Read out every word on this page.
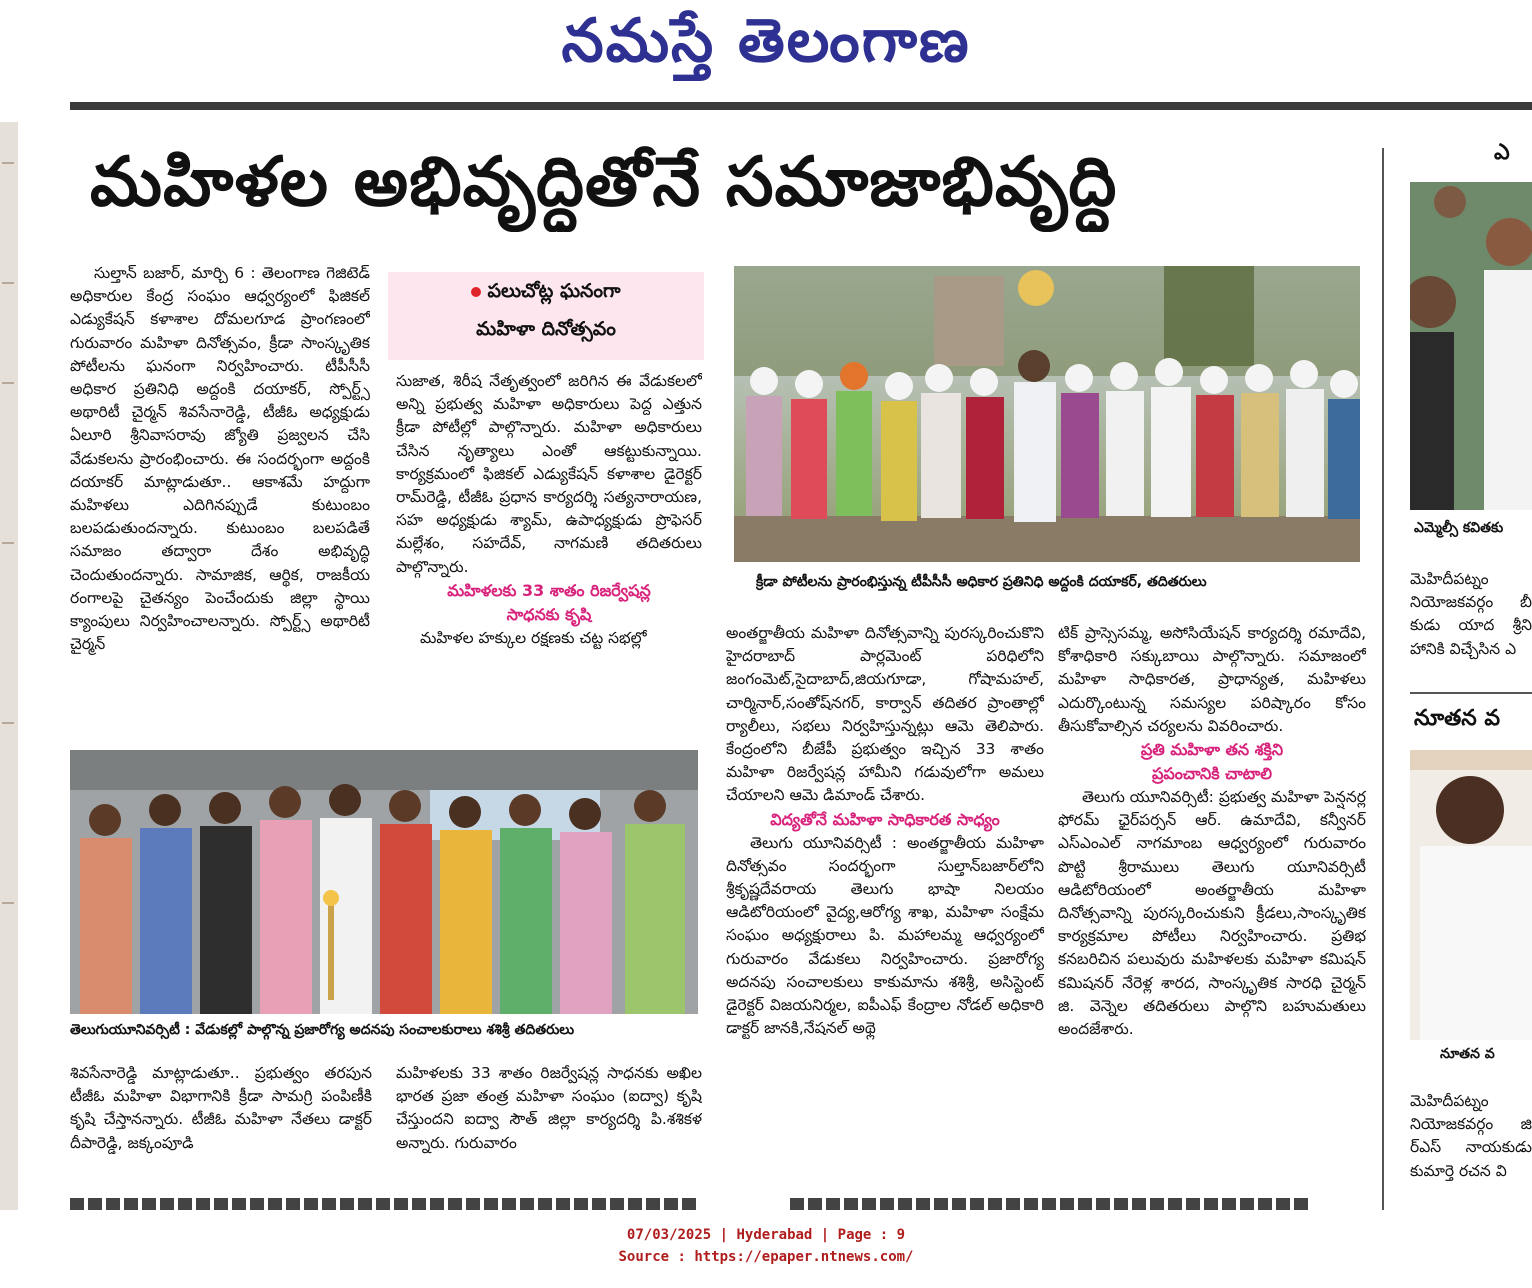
నమస్తే తెలంగాణ
మహిళల అభివృద్ధితోనే సమాజాభివృద్ధి

సుల్తాన్ బజార్, మార్చి 6 : తెలంగాణ గెజిటెడ్ అధికారుల కేంద్ర సంఘం ఆధ్వర్యంలో ఫిజికల్ ఎడ్యుకేషన్ కళాశాల దోమలగూడ ప్రాంగణంలో గురువారం మహిళా దినోత్సవం, క్రీడా సాంస్కృతిక పోటీలను ఘనంగా నిర్వహించారు. టీపీసీసీ అధికార ప్రతినిధి అద్దంకి దయాకర్, స్పోర్ట్స్ అథారిటీ చైర్మన్ శివసేనారెడ్డి, టీజీఓ అధ్యక్షుడు ఏలూరి శ్రీనివాసరావు జ్యోతి ప్రజ్వలన చేసి వేడుకలను ప్రారంభించారు. ఈ సందర్భంగా అద్దంకి దయాకర్ మాట్లాడుతూ.. ఆకాశమే హద్దుగా మహిళలు ఎదిగినప్పుడే కుటుంబం బలపడుతుందన్నారు. కుటుంబం బలపడితే సమాజం తద్వారా దేశం అభివృద్ధి చెందుతుందన్నారు. సామాజిక, ఆర్థిక, రాజకీయ రంగాలపై చైతన్యం పెంచేందుకు జిల్లా స్థాయి క్యాంపులు నిర్వహించాలన్నారు. స్పోర్ట్స్ అథారిటీ చైర్మన్

పలుచోట్ల ఘనంగా
మహిళా దినోత్సవం

సుజాత, శిరీష నేతృత్వంలో జరిగిన ఈ వేడుకలలో అన్ని ప్రభుత్వ మహిళా అధికారులు పెద్ద ఎత్తున క్రీడా పోటీల్లో పాల్గొన్నారు. మహిళా అధికారులు చేసిన నృత్యాలు ఎంతో ఆకట్టుకున్నాయి. కార్యక్రమంలో ఫిజికల్ ఎడ్యుకేషన్ కళాశాల డైరెక్టర్ రామ్‌రెడ్డి, టీజీఓ ప్రధాన కార్యదర్శి సత్యనారాయణ, సహ అధ్యక్షుడు శ్యామ్, ఉపాధ్యక్షుడు ప్రొఫెసర్ మల్లేశం, సహదేవ్, నాగమణి తదితరులు పాల్గొన్నారు.

మహిళలకు 33 శాతం రిజర్వేషన్ల
సాధనకు కృషి

మహిళల హక్కుల రక్షణకు చట్ట సభల్లో

క్రీడా పోటీలను ప్రారంభిస్తున్న టీపీసీసీ అధికార ప్రతినిధి అద్దంకి దయాకర్, తదితరులు

అంతర్జాతీయ మహిళా దినోత్సవాన్ని పురస్కరించుకొని హైదరాబాద్ పార్లమెంట్ పరిధిలోని జంగంమెట్,సైదాబాద్,జియగూడా, గోషామహల్, చార్మినార్,సంతోష్‌నగర్, కార్వాన్ తదితర ప్రాంతాల్లో ర్యాలీలు, సభలు నిర్వహిస్తున్నట్లు ఆమె తెలిపారు. కేంద్రంలోని బీజేపీ ప్రభుత్వం ఇచ్చిన 33 శాతం మహిళా రిజర్వేషన్ల హామీని గడువులోగా అమలు చేయాలని ఆమె డిమాండ్ చేశారు.

విద్యతోనే మహిళా సాధికారత సాధ్యం

తెలుగు యూనివర్సిటీ : అంతర్జాతీయ మహిళా దినోత్సవం సందర్భంగా సుల్తాన్‌బజార్‌లోని శ్రీకృష్ణదేవరాయ తెలుగు భాషా నిలయం ఆడిటోరియంలో వైద్య,ఆరోగ్య శాఖ, మహిళా సంక్షేమ సంఘం అధ్యక్షురాలు పి. మహాలమ్మ ఆధ్వర్యంలో గురువారం వేడుకలు నిర్వహించారు. ప్రజారోగ్య అదనపు సంచాలకులు కాకుమాను శశిశ్రీ, అసిస్టెంట్ డైరెక్టర్ విజయనిర్మల, ఐపీఎఫ్ కేంద్రాల నోడల్ అధికారి డాక్టర్ జానకి,నేషనల్ అథ్లె

టిక్ ప్రాస్సెసమ్మ, అసోసియేషన్ కార్యదర్శి రమాదేవి, కోశాధికారి సక్కుబాయి పాల్గొన్నారు. సమాజంలో మహిళా సాధికారత, ప్రాధాన్యత, మహిళలు ఎదుర్కొంటున్న సమస్యల పరిష్కారం కోసం తీసుకోవాల్సిన చర్యలను వివరించారు.

ప్రతి మహిళా తన శక్తిని
ప్రపంచానికి చాటాలి

తెలుగు యూనివర్సిటీ: ప్రభుత్వ మహిళా పెన్షనర్ల ఫోరమ్ ఛైర్‌పర్సన్ ఆర్. ఉమాదేవి, కన్వీనర్ ఎస్ఎంఎల్ నాగమాంబ ఆధ్వర్యంలో గురువారం పొట్టి శ్రీరాములు తెలుగు యూనివర్సిటీ ఆడిటోరియంలో అంతర్జాతీయ మహిళా దినోత్సవాన్ని పురస్కరించుకుని క్రీడలు,సాంస్కృతిక కార్యక్రమాల పోటీలు నిర్వహించారు. ప్రతిభ కనబరిచిన పలువురు మహిళలకు మహిళా కమిషన్ కమిషనర్ నేరెళ్ల శారద, సాంస్కృతిక సారధి చైర్మన్ జి. వెన్నెల తదితరులు పాల్గొని బహుమతులు అందజేశారు.

తెలుగుయూనివర్సిటీ : వేడుకల్లో పాల్గొన్న ప్రజారోగ్య అదనపు సంచాలకురాలు శశిశ్రీ తదితరులు

శివసేనారెడ్డి మాట్లాడుతూ.. ప్రభుత్వం తరపున టీజీఓ మహిళా విభాగానికి క్రీడా సామగ్రి పంపిణీకి కృషి చేస్తానన్నారు. టీజీఓ మహిళా నేతలు డాక్టర్ దీపారెడ్డి, జక్కంపూడి

మహిళలకు 33 శాతం రిజర్వేషన్ల సాధనకు అఖిల భారత ప్రజా తంత్ర మహిళా సంఘం (ఐద్వా) కృషి చేస్తుందని ఐద్వా సౌత్ జిల్లా కార్యదర్శి పి.శశికళ అన్నారు. గురువారం

ఎ
ఎమ్మెల్సీ కవితకు

మెహిదీపట్నం నియోజకవర్గం బీ కుడు యాద శ్రీని హానికి విచ్చేసిన ఎ

నూతన వ
నూతన వ

మెహిదీపట్నం నియోజకవర్గం జి ర్ఎస్ నాయకుడు కుమార్తె రచన వి

07/03/2025 | Hyderabad | Page : 9
Source : https://epaper.ntnews.com/
